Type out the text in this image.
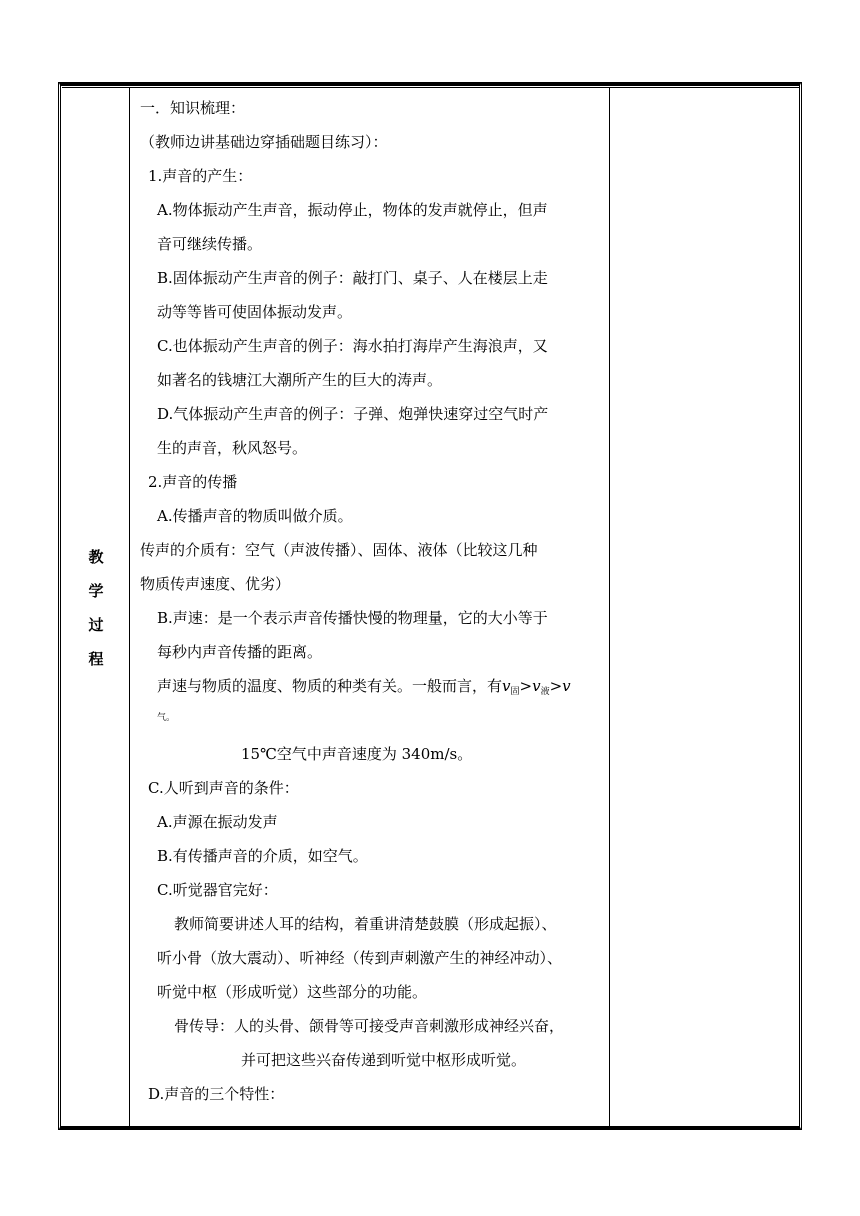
教
学
过
程
一．知识梳理：
（教师边讲基础边穿插础题目练习）：
1.声音的产生：
A.物体振动产生声音，振动停止，物体的发声就停止，但声
音可继续传播。
B.固体振动产生声音的例子：敲打门、桌子、人在楼层上走
动等等皆可使固体振动发声。
C.也体振动产生声音的例子：海水拍打海岸产生海浪声，又
如著名的钱塘江大潮所产生的巨大的涛声。
D.气体振动产生声音的例子：子弹、炮弹快速穿过空气时产
生的声音，秋风怒号。
2.声音的传播
A.传播声音的物质叫做介质。
传声的介质有：空气（声波传播）、固体、液体（比较这几种
物质传声速度、优劣）
B.声速：是一个表示声音传播快慢的物理量，它的大小等于
每秒内声音传播的距离。
声速与物质的温度、物质的种类有关。一般而言，有$v_固>v_液>v$
气。
15℃空气中声音速度为 340m/s。
C.人听到声音的条件：
A.声源在振动发声
B.有传播声音的介质，如空气。
C.听觉器官完好：
教师简要讲述人耳的结构，着重讲清楚鼓膜（形成起振）、
听小骨（放大震动）、听神经（传到声刺激产生的神经冲动）、
听觉中枢（形成听觉）这些部分的功能。
骨传导：人的头骨、颌骨等可接受声音刺激形成神经兴奋，
并可把这些兴奋传递到听觉中枢形成听觉。
D.声音的三个特性：
